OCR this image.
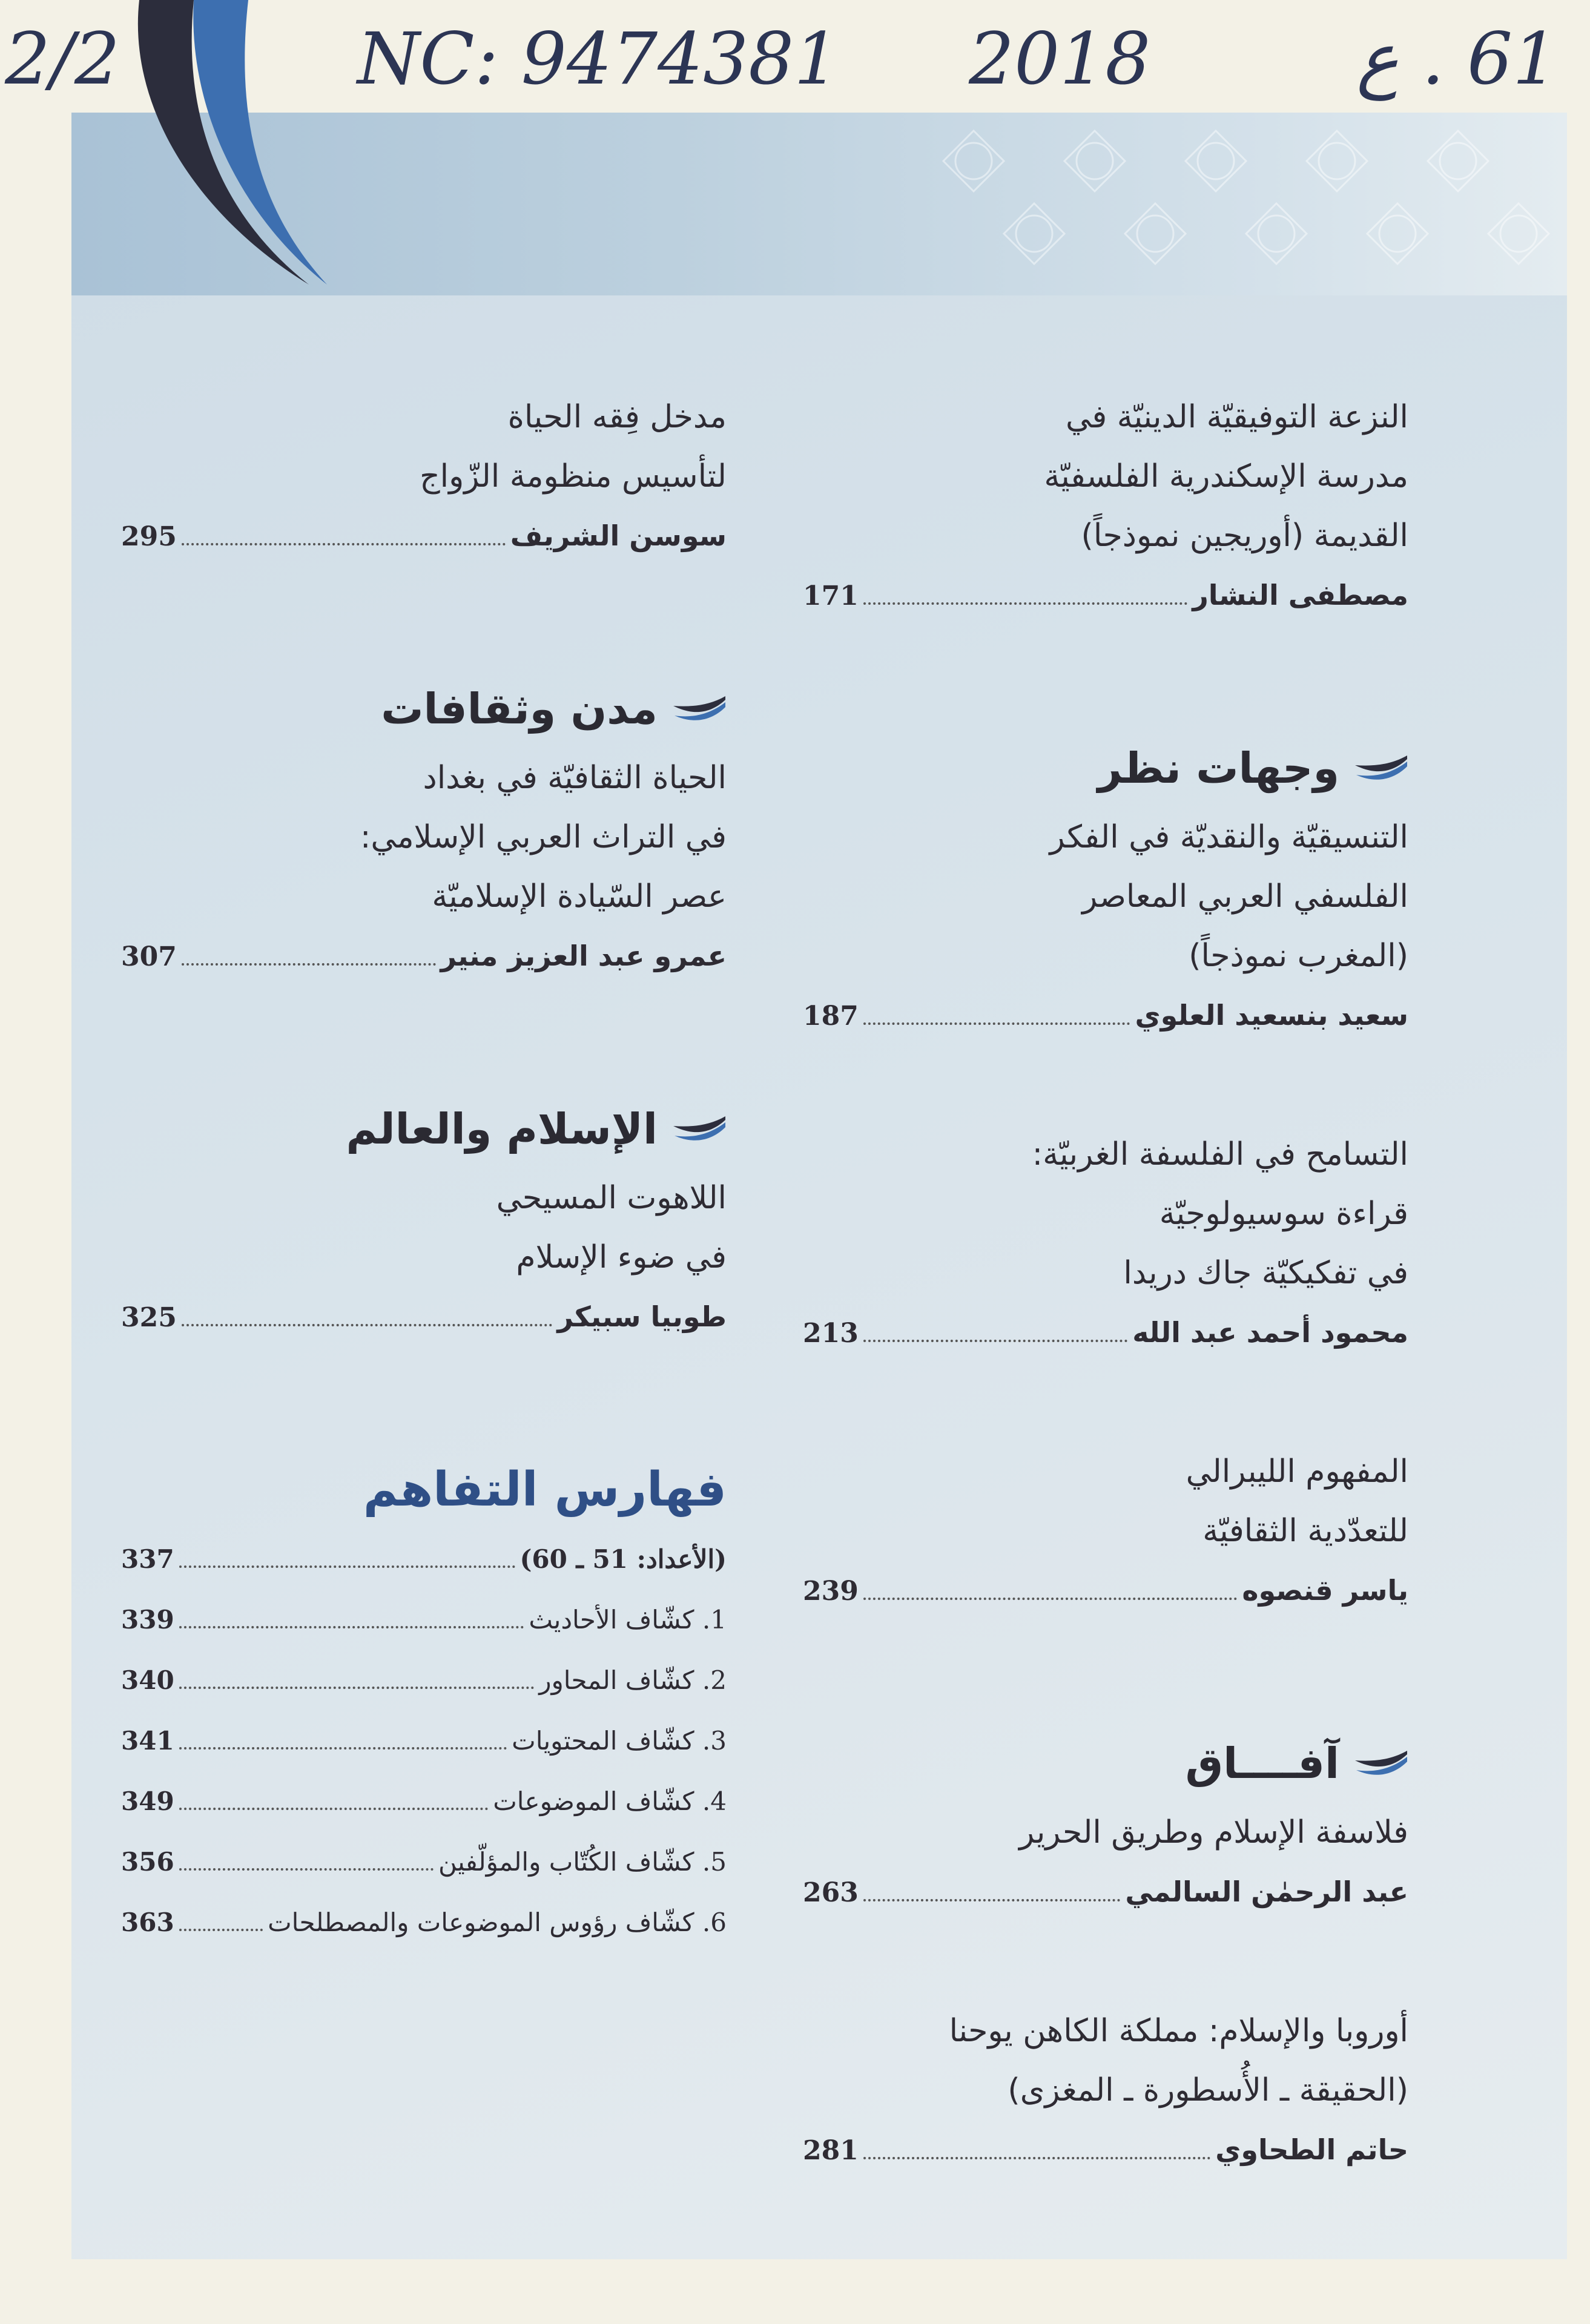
2/2	NC: 9474381 2018	61 . ع
النزعة التوفيقيّة الدينيّة في
مدرسة الإسكندرية الفلسفيّة
القديمة (أوريجين نموذجاً)
مصطفى النشار
171
وجهات نظر
التنسيقيّة والنقديّة في الفكر
الفلسفي العربي المعاصر
(المغرب نموذجاً)
سعيد بنسعيد العلوي
187
التسامح في الفلسفة الغربيّة:
قراءة سوسيولوجيّة
في تفكيكيّة جاك دريدا
محمود أحمد عبد الله
213
المفهوم الليبرالي
للتعدّدية الثقافيّة
ياسر قنصوه
239
آفــــاق
فلاسفة الإسلام وطريق الحرير
عبد الرحمٰن السالمي
263
أوروبا والإسلام: مملكة الكاهن يوحنا
(الحقيقة ـ الأُسطورة ـ المغزى)
حاتم الطحاوي
281
مدخل فِقه الحياة
لتأسيس منظومة الزّواج
سوسن الشريف
295
مدن وثقافات
الحياة الثقافيّة في بغداد
في التراث العربي الإسلامي:
عصر السّيادة الإسلاميّة
عمرو عبد العزيز منير
307
الإسلام والعالم
اللاهوت المسيحي
في ضوء الإسلام
طوبيا سبيكر
325
فهارس التفاهم
(الأعداد: 51 ـ 60)
337
1. كشّاف الأحاديث
339
2. كشّاف المحاور
340
3. كشّاف المحتويات
341
4. كشّاف الموضوعات
349
5. كشّاف الكُتّاب والمؤلّفين
356
6. كشّاف رؤوس الموضوعات والمصطلحات
363
